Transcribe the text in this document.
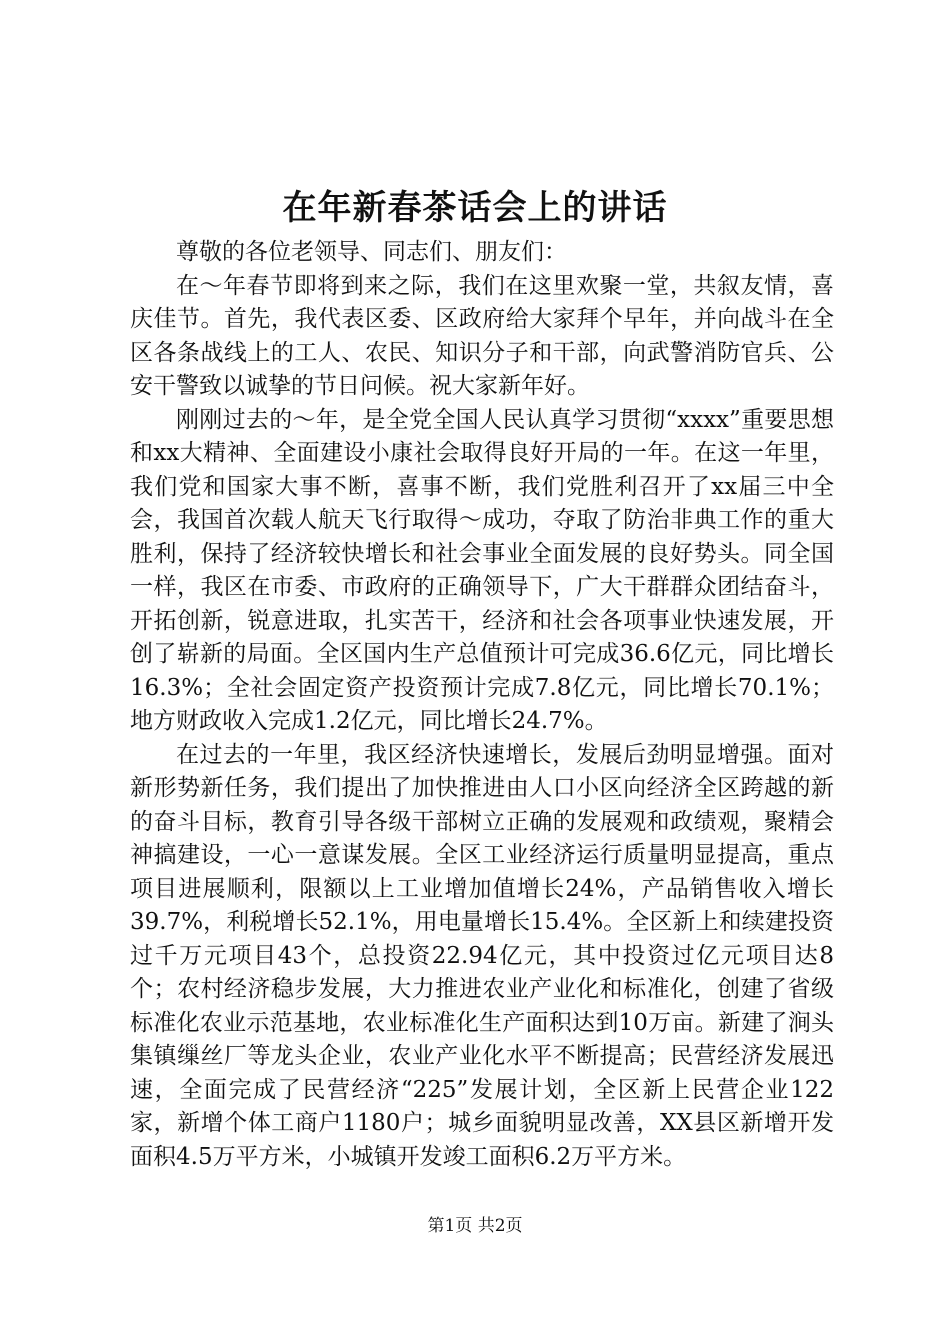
在年新春茶话会上的讲话

尊敬的各位老领导、同志们、朋友们：

在～年春节即将到来之际，我们在这里欢聚一堂，共叙友情，喜庆佳节。首先，我代表区委、区政府给大家拜个早年，并向战斗在全区各条战线上的工人、农民、知识分子和干部，向武警消防官兵、公安干警致以诚挚的节日问候。祝大家新年好。

刚刚过去的～年，是全党全国人民认真学习贯彻“xxxx”重要思想和xx大精神、全面建设小康社会取得良好开局的一年。在这一年里，我们党和国家大事不断，喜事不断，我们党胜利召开了xx届三中全会，我国首次载人航天飞行取得～成功，夺取了防治非典工作的重大胜利，保持了经济较快增长和社会事业全面发展的良好势头。同全国一样，我区在市委、市政府的正确领导下，广大干群群众团结奋斗，开拓创新，锐意进取，扎实苦干，经济和社会各项事业快速发展，开创了崭新的局面。全区国内生产总值预计可完成36.6亿元，同比增长16.3%；全社会固定资产投资预计完成7.8亿元，同比增长70.1%；地方财政收入完成1.2亿元，同比增长24.7%。

在过去的一年里，我区经济快速增长，发展后劲明显增强。面对新形势新任务，我们提出了加快推进由人口小区向经济全区跨越的新的奋斗目标，教育引导各级干部树立正确的发展观和政绩观，聚精会神搞建设，一心一意谋发展。全区工业经济运行质量明显提高，重点项目进展顺利，限额以上工业增加值增长24%，产品销售收入增长39.7%，利税增长52.1%，用电量增长15.4%。全区新上和续建投资过千万元项目43个，总投资22.94亿元，其中投资过亿元项目达8个；农村经济稳步发展，大力推进农业产业化和标准化，创建了省级标准化农业示范基地，农业标准化生产面积达到10万亩。新建了涧头集镇缫丝厂等龙头企业，农业产业化水平不断提高；民营经济发展迅速，全面完成了民营经济“225”发展计划，全区新上民营企业122家，新增个体工商户1180户；城乡面貌明显改善，XX县区新增开发面积4.5万平方米，小城镇开发竣工面积6.2万平方米。

第1页 共2页
